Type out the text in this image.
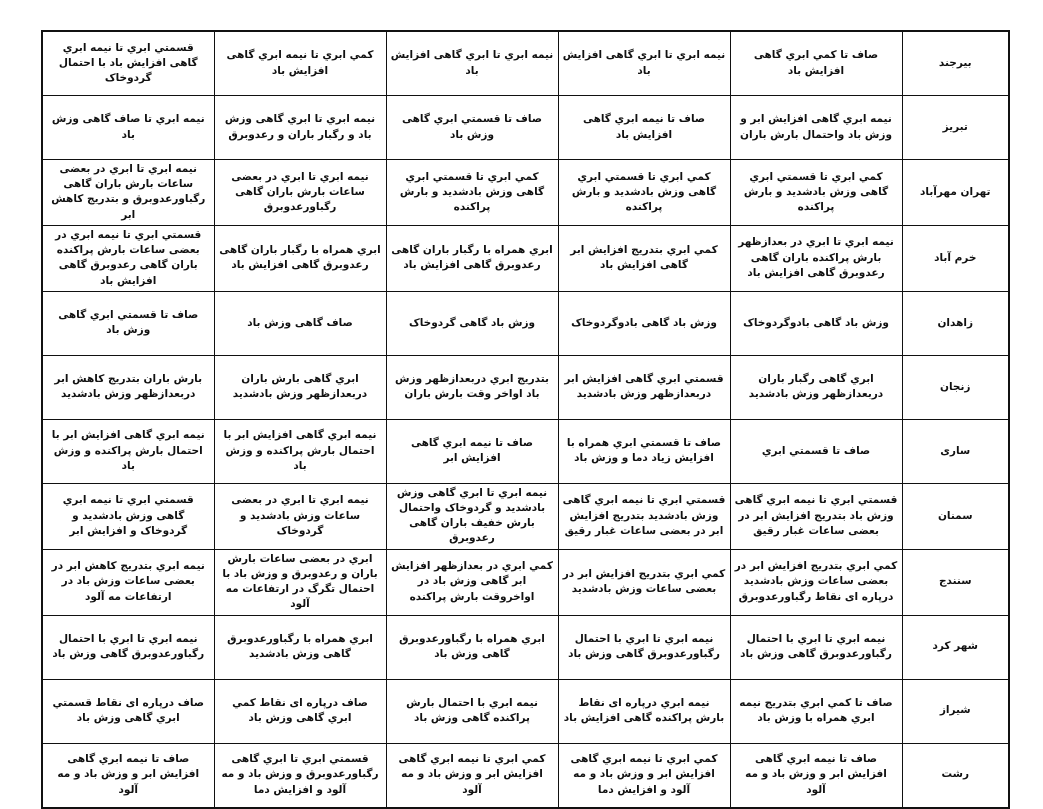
بیرجند	صاف تا كمي ابري گاهی افزايش باد	نيمه ابري تا ابري گاهی افزايش باد	نيمه ابري تا ابري گاهی افزايش باد	كمي ابري تا نيمه ابري گاهی افزايش باد	قسمتي ابري تا نيمه ابري گاهی افزايش باد با احتمال گردوخاک
تبریز	نيمه ابري گاهی افزايش ابر و وزش باد واحتمال بارش باران	صاف تا نيمه ابري گاهی افزايش باد	صاف تا قسمتي ابري گاهی وزش باد	نيمه ابري تا ابري گاهی وزش باد و رگبار باران و رعدوبرق	نيمه ابري تا صاف گاهی وزش باد
تهران مهرآباد	كمي ابري تا قسمتي ابري گاهی وزش بادشدید و بارش پراكنده	كمي ابري تا قسمتي ابري گاهی وزش بادشدید و بارش پراكنده	كمي ابري تا قسمتي ابري گاهی وزش بادشدید و بارش پراكنده	نيمه ابري تا ابري در بعضی ساعات بارش باران گاهی رگباورعدوبرق	نيمه ابري تا ابري در بعضی ساعات بارش باران گاهی رگباورعدوبرق و بتدریج کاهش ابر
خرم آباد	نيمه ابري تا ابري در بعدازظهر بارش پراکنده باران گاهی رعدوبرق گاهی افزايش باد	كمي ابري بتدريج افزايش ابر گاهی افزايش باد	ابري همراه با رگبار باران گاهی رعدوبرق گاهی افزايش باد	ابري همراه با رگبار باران گاهی رعدوبرق گاهی افزايش باد	قسمتي ابري تا نيمه ابري در بعضی ساعات بارش پراکنده باران گاهی رعدوبرق گاهی افزايش باد
زاهدان	وزش باد گاهی بادوگردوخاک	وزش باد گاهی بادوگردوخاک	وزش باد گاهی گردوخاک	صاف گاهی وزش باد	صاف تا قسمتي ابري گاهی وزش باد
زنجان	ابري گاهی رگبار باران دربعدازظهر وزش بادشدید	قسمتي ابري گاهی افزايش ابر دربعدازظهر وزش بادشدید	بتدريج ابري دربعدازظهر وزش باد اواخر وقت بارش باران	ابري گاهی بارش باران دربعدازظهر وزش بادشدید	بارش باران بتدريج کاهش ابر دربعدازظهر وزش بادشدید
ساری	صاف تا قسمتي ابري	صاف تا قسمتي ابري همراه با افزايش زیاد دما و وزش باد	صاف تا نيمه ابري گاهی افزايش ابر	نيمه ابري گاهی افزايش ابر با احتمال بارش پراکنده و وزش باد	نيمه ابري گاهی افزايش ابر با احتمال بارش پراکنده و وزش باد
سمنان	قسمتي ابري تا نيمه ابري گاهی وزش باد بتدريج افزايش ابر در بعضی ساعات غبار رقيق	قسمتي ابري تا نيمه ابري گاهی وزش بادشدید بتدريج افزايش ابر در بعضی ساعات غبار رقيق	نيمه ابري تا ابري گاهی وزش بادشدید و گردوخاک واحتمال بارش خفيف باران گاهی رعدوبرق	نيمه ابري تا ابري در بعضی ساعات وزش بادشدید و گردوخاک	قسمتي ابري تا نيمه ابري گاهی وزش بادشدید و گردوخاک و افزايش ابر
سنندج	كمي ابري بتدريج افزايش ابر در بعضی ساعات وزش بادشدید درپاره ای نقاط رگباورعدوبرق	كمي ابري بتدريج افزايش ابر در بعضی ساعات وزش بادشدید	كمي ابري در بعدازظهر افزايش ابر گاهی وزش باد در اواخروقت بارش پراکنده	ابري در بعضی ساعات بارش باران و رعدوبرق و وزش باد با احتمال تگرگ در ارتفاعات مه آلود	نيمه ابري بتدريج کاهش ابر در بعضی ساعات وزش باد در ارتفاعات مه آلود
شهر کرد	نيمه ابري تا ابري با احتمال رگباورعدوبرق گاهی وزش باد	نيمه ابري تا ابري با احتمال رگباورعدوبرق گاهی وزش باد	ابري همراه با رگباورعدوبرق گاهی وزش باد	ابري همراه با رگباورعدوبرق گاهی وزش بادشدید	نيمه ابري تا ابري با احتمال رگباورعدوبرق گاهی وزش باد
شیراز	صاف تا كمي ابري بتدريج نيمه ابري همراه با وزش باد	نيمه ابري درپاره ای نقاط بارش پراکنده گاهی افزايش باد	نيمه ابري با احتمال بارش پراکنده گاهی وزش باد	صاف درپاره ای نقاط كمي ابري گاهی وزش باد	صاف درپاره ای نقاط قسمتي ابري گاهی وزش باد
رشت	صاف تا نيمه ابري گاهی افزايش ابر و وزش باد و مه آلود	كمي ابري تا نيمه ابري گاهی افزايش ابر و وزش باد و مه آلود و افزايش دما	كمي ابري تا نيمه ابري گاهی افزايش ابر و وزش باد و مه آلود	قسمتي ابري تا ابري گاهی رگباورعدوبرق و وزش باد و مه آلود و افزايش دما	صاف تا نيمه ابري گاهی افزايش ابر و وزش باد و مه آلود
